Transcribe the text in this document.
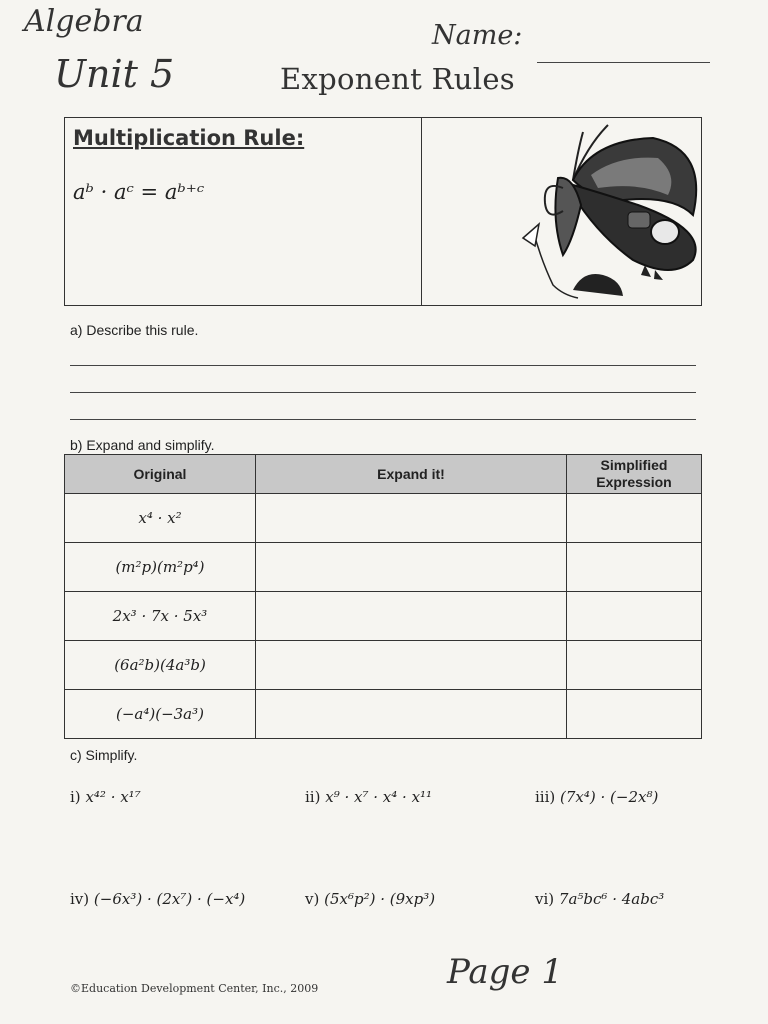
Algebra
Unit 5
Name:
Exponent Rules
Multiplication Rule:
aᵇ · aᶜ = aᵇ⁺ᶜ
a) Describe this rule.
b) Expand and simplify.
Original	Expand it!	Simplified Expression
x⁴ · x²		
(m²p)(m²p⁴)		
2x³ · 7x · 5x³		
(6a²b)(4a³b)		
(−a⁴)(−3a³)		
c) Simplify.
i) x⁴² · x¹⁷	ii) x⁹ · x⁷ · x⁴ · x¹¹	iii) (7x⁴) · (−2x⁸)
iv) (−6x³) · (2x⁷) · (−x⁴)	v) (5x⁶p²) · (9xp³)	vi) 7a⁵bc⁶ · 4abc³
©Education Development Center, Inc., 2009	Page 1
